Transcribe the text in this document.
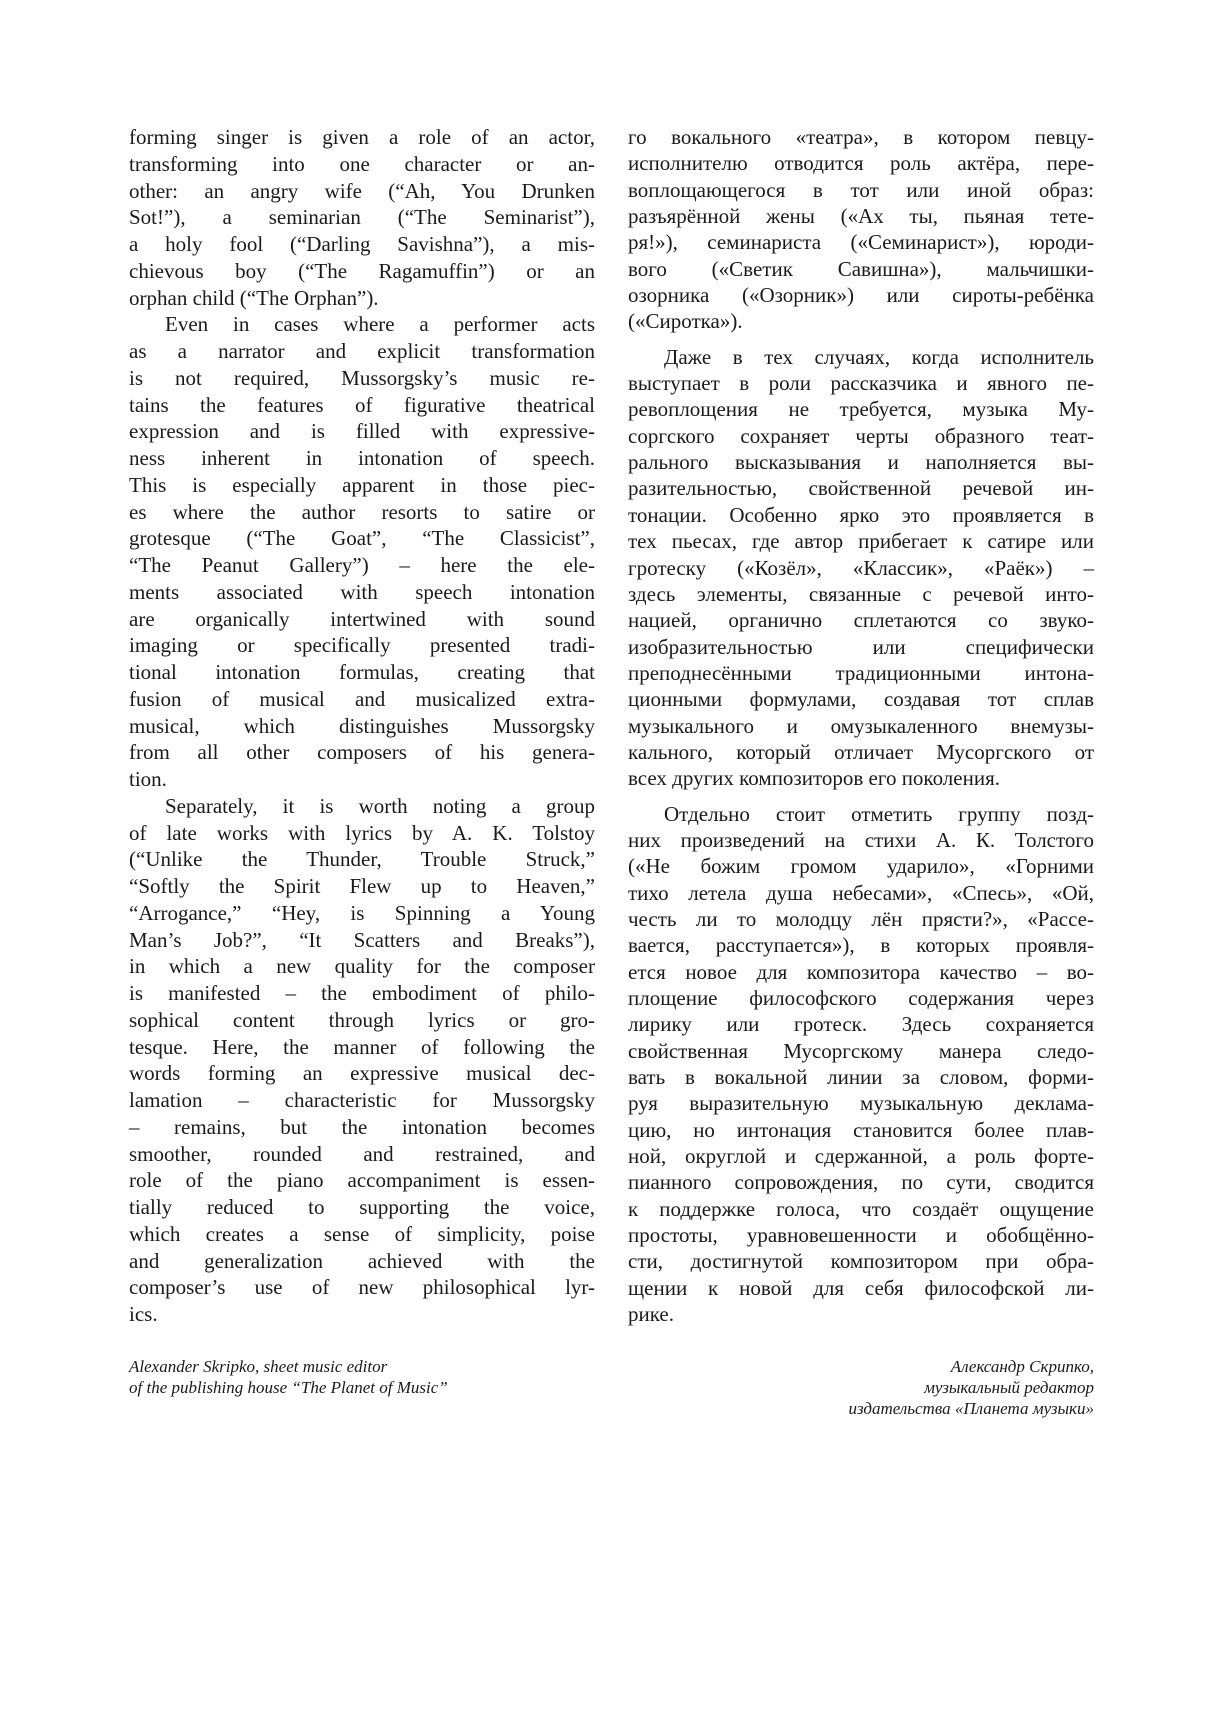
forming singer is given a role of an actor,
transforming into one character or an-
other: an angry wife (“Ah, You Drunken
Sot!”), a seminarian (“The Seminarist”),
a holy fool (“Darling Savishna”), a mis-
chievous boy (“The Ragamuffin”) or an
orphan child (“The Orphan”).
Even in cases where a performer acts
as a narrator and explicit transformation
is not required, Mussorgsky’s music re-
tains the features of figurative theatrical
expression and is filled with expressive-
ness inherent in intonation of speech.
This is especially apparent in those piec-
es where the author resorts to satire or
grotesque (“The Goat”, “The Classicist”,
“The Peanut Gallery”) – here the ele-
ments associated with speech intonation
are organically intertwined with sound
imaging or specifically presented tradi-
tional intonation formulas, creating that
fusion of musical and musicalized extra-
musical, which distinguishes Mussorgsky
from all other composers of his genera-
tion.
Separately, it is worth noting a group
of late works with lyrics by A. K. Tolstoy
(“Unlike the Thunder, Trouble Struck,”
“Softly the Spirit Flew up to Heaven,”
“Arrogance,” “Hey, is Spinning a Young
Man’s Job?”, “It Scatters and Breaks”),
in which a new quality for the composer
is manifested – the embodiment of philo-
sophical content through lyrics or gro-
tesque. Here, the manner of following the
words forming an expressive musical dec-
lamation – characteristic for Mussorgsky
– remains, but the intonation becomes
smoother, rounded and restrained, and
role of the piano accompaniment is essen-
tially reduced to supporting the voice,
which creates a sense of simplicity, poise
and generalization achieved with the
composer’s use of new philosophical lyr-
ics.
го вокального «театра», в котором певцу-
исполнителю отводится роль актёра, пере-
воплощающегося в тот или иной образ:
разъярённой жены («Ах ты, пьяная тете-
ря!»), семинариста («Семинарист»), юроди-
вого («Светик Савишна»), мальчишки-
озорника («Озорник») или сироты-ребёнка
(«Сиротка»).
Даже в тех случаях, когда исполнитель
выступает в роли рассказчика и явного пе-
ревоплощения не требуется, музыка Му-
соргского сохраняет черты образного теат-
рального высказывания и наполняется вы-
разительностью, свойственной речевой ин-
тонации. Особенно ярко это проявляется в
тех пьесах, где автор прибегает к сатире или
гротеску («Козёл», «Классик», «Раёк») –
здесь элементы, связанные с речевой инто-
нацией, органично сплетаются со звуко-
изобразительностью или специфически
преподнесёнными традиционными интона-
ционными формулами, создавая тот сплав
музыкального и омузыкаленного внемузы-
кального, который отличает Мусоргского от
всех других композиторов его поколения.
Отдельно стоит отметить группу позд-
них произведений на стихи А. К. Толстого
(«Не божим громом ударило», «Горними
тихо летела душа небесами», «Спесь», «Ой,
честь ли то молодцу лён прясти?», «Рассе-
вается, расступается»), в которых проявля-
ется новое для композитора качество – во-
площение философского содержания через
лирику или гротеск. Здесь сохраняется
свойственная Мусоргскому манера следо-
вать в вокальной линии за словом, форми-
руя выразительную музыкальную деклама-
цию, но интонация становится более плав-
ной, округлой и сдержанной, а роль форте-
пианного сопровождения, по сути, сводится
к поддержке голоса, что создаёт ощущение
простоты, уравновешенности и обобщённо-
сти, достигнутой композитором при обра-
щении к новой для себя философской ли-
рике.
Alexander Skripko, sheet music editor
of the publishing house “The Planet of Music”
Александр Скрипко,
музыкальный редактор
издательства «Планета музыки»
